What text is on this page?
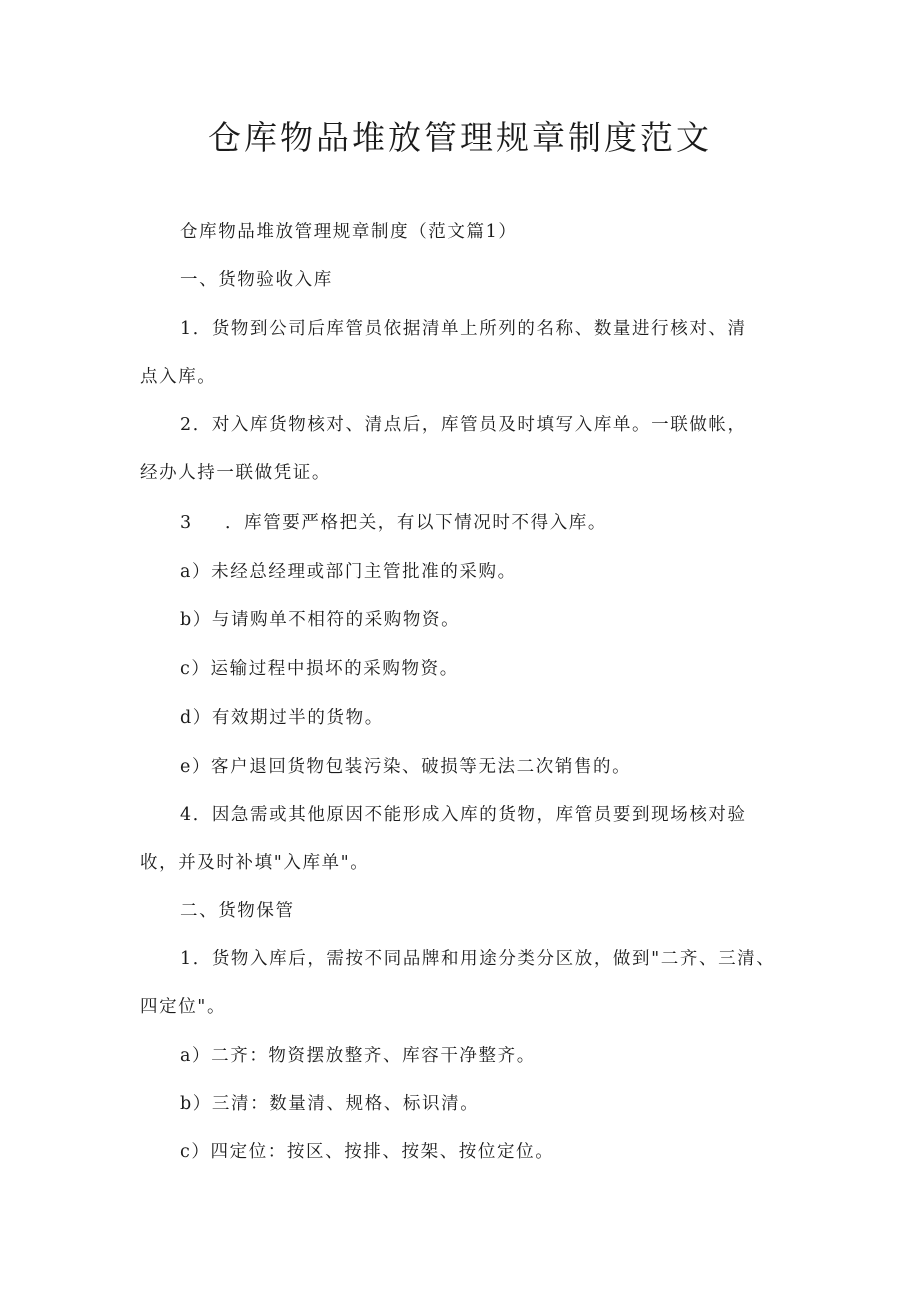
仓库物品堆放管理规章制度范文

仓库物品堆放管理规章制度（范文篇1）

一、货物验收入库

1．货物到公司后库管员依据清单上所列的名称、数量进行核对、清

点入库。

2．对入库货物核对、清点后，库管员及时填写入库单。一联做帐，

经办人持一联做凭证。

3 ．库管要严格把关，有以下情况时不得入库。

a）未经总经理或部门主管批准的采购。

b）与请购单不相符的采购物资。

c）运输过程中损坏的采购物资。

d）有效期过半的货物。

e）客户退回货物包装污染、破损等无法二次销售的。

4．因急需或其他原因不能形成入库的货物，库管员要到现场核对验

收，并及时补填"入库单"。

二、货物保管

1．货物入库后，需按不同品牌和用途分类分区放，做到"二齐、三清、

四定位"。

a）二齐：物资摆放整齐、库容干净整齐。

b）三清：数量清、规格、标识清。

c）四定位：按区、按排、按架、按位定位。
